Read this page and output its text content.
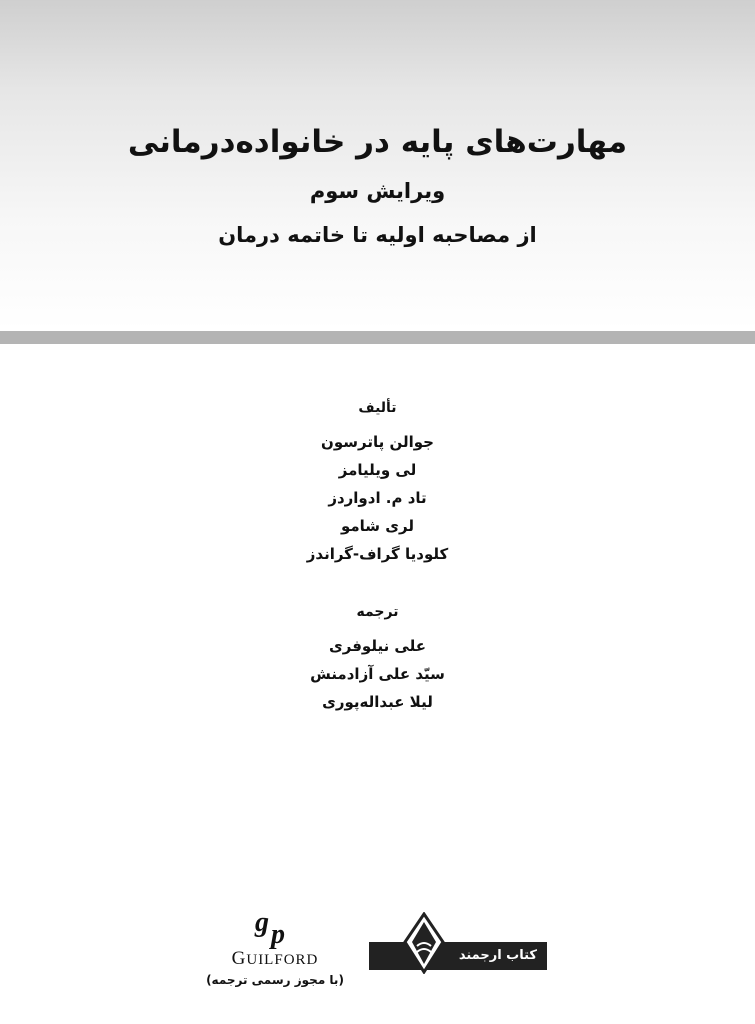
مهارت‌های پایه در خانواده‌درمانی
ویرایش سوم
از مصاحبه اولیه تا خاتمه درمان
تألیف
جوالن پاترسون
لی ویلیامز
تاد م. ادواردز
لری شامو
کلودیا گراف-گراندز
ترجمه
علی نیلوفری
سیّد علی آزادمنش
لیلا عبداله‌پوری
g p
GUILFORD
(با مجوز رسمی ترجمه)
کتاب ارجمند
